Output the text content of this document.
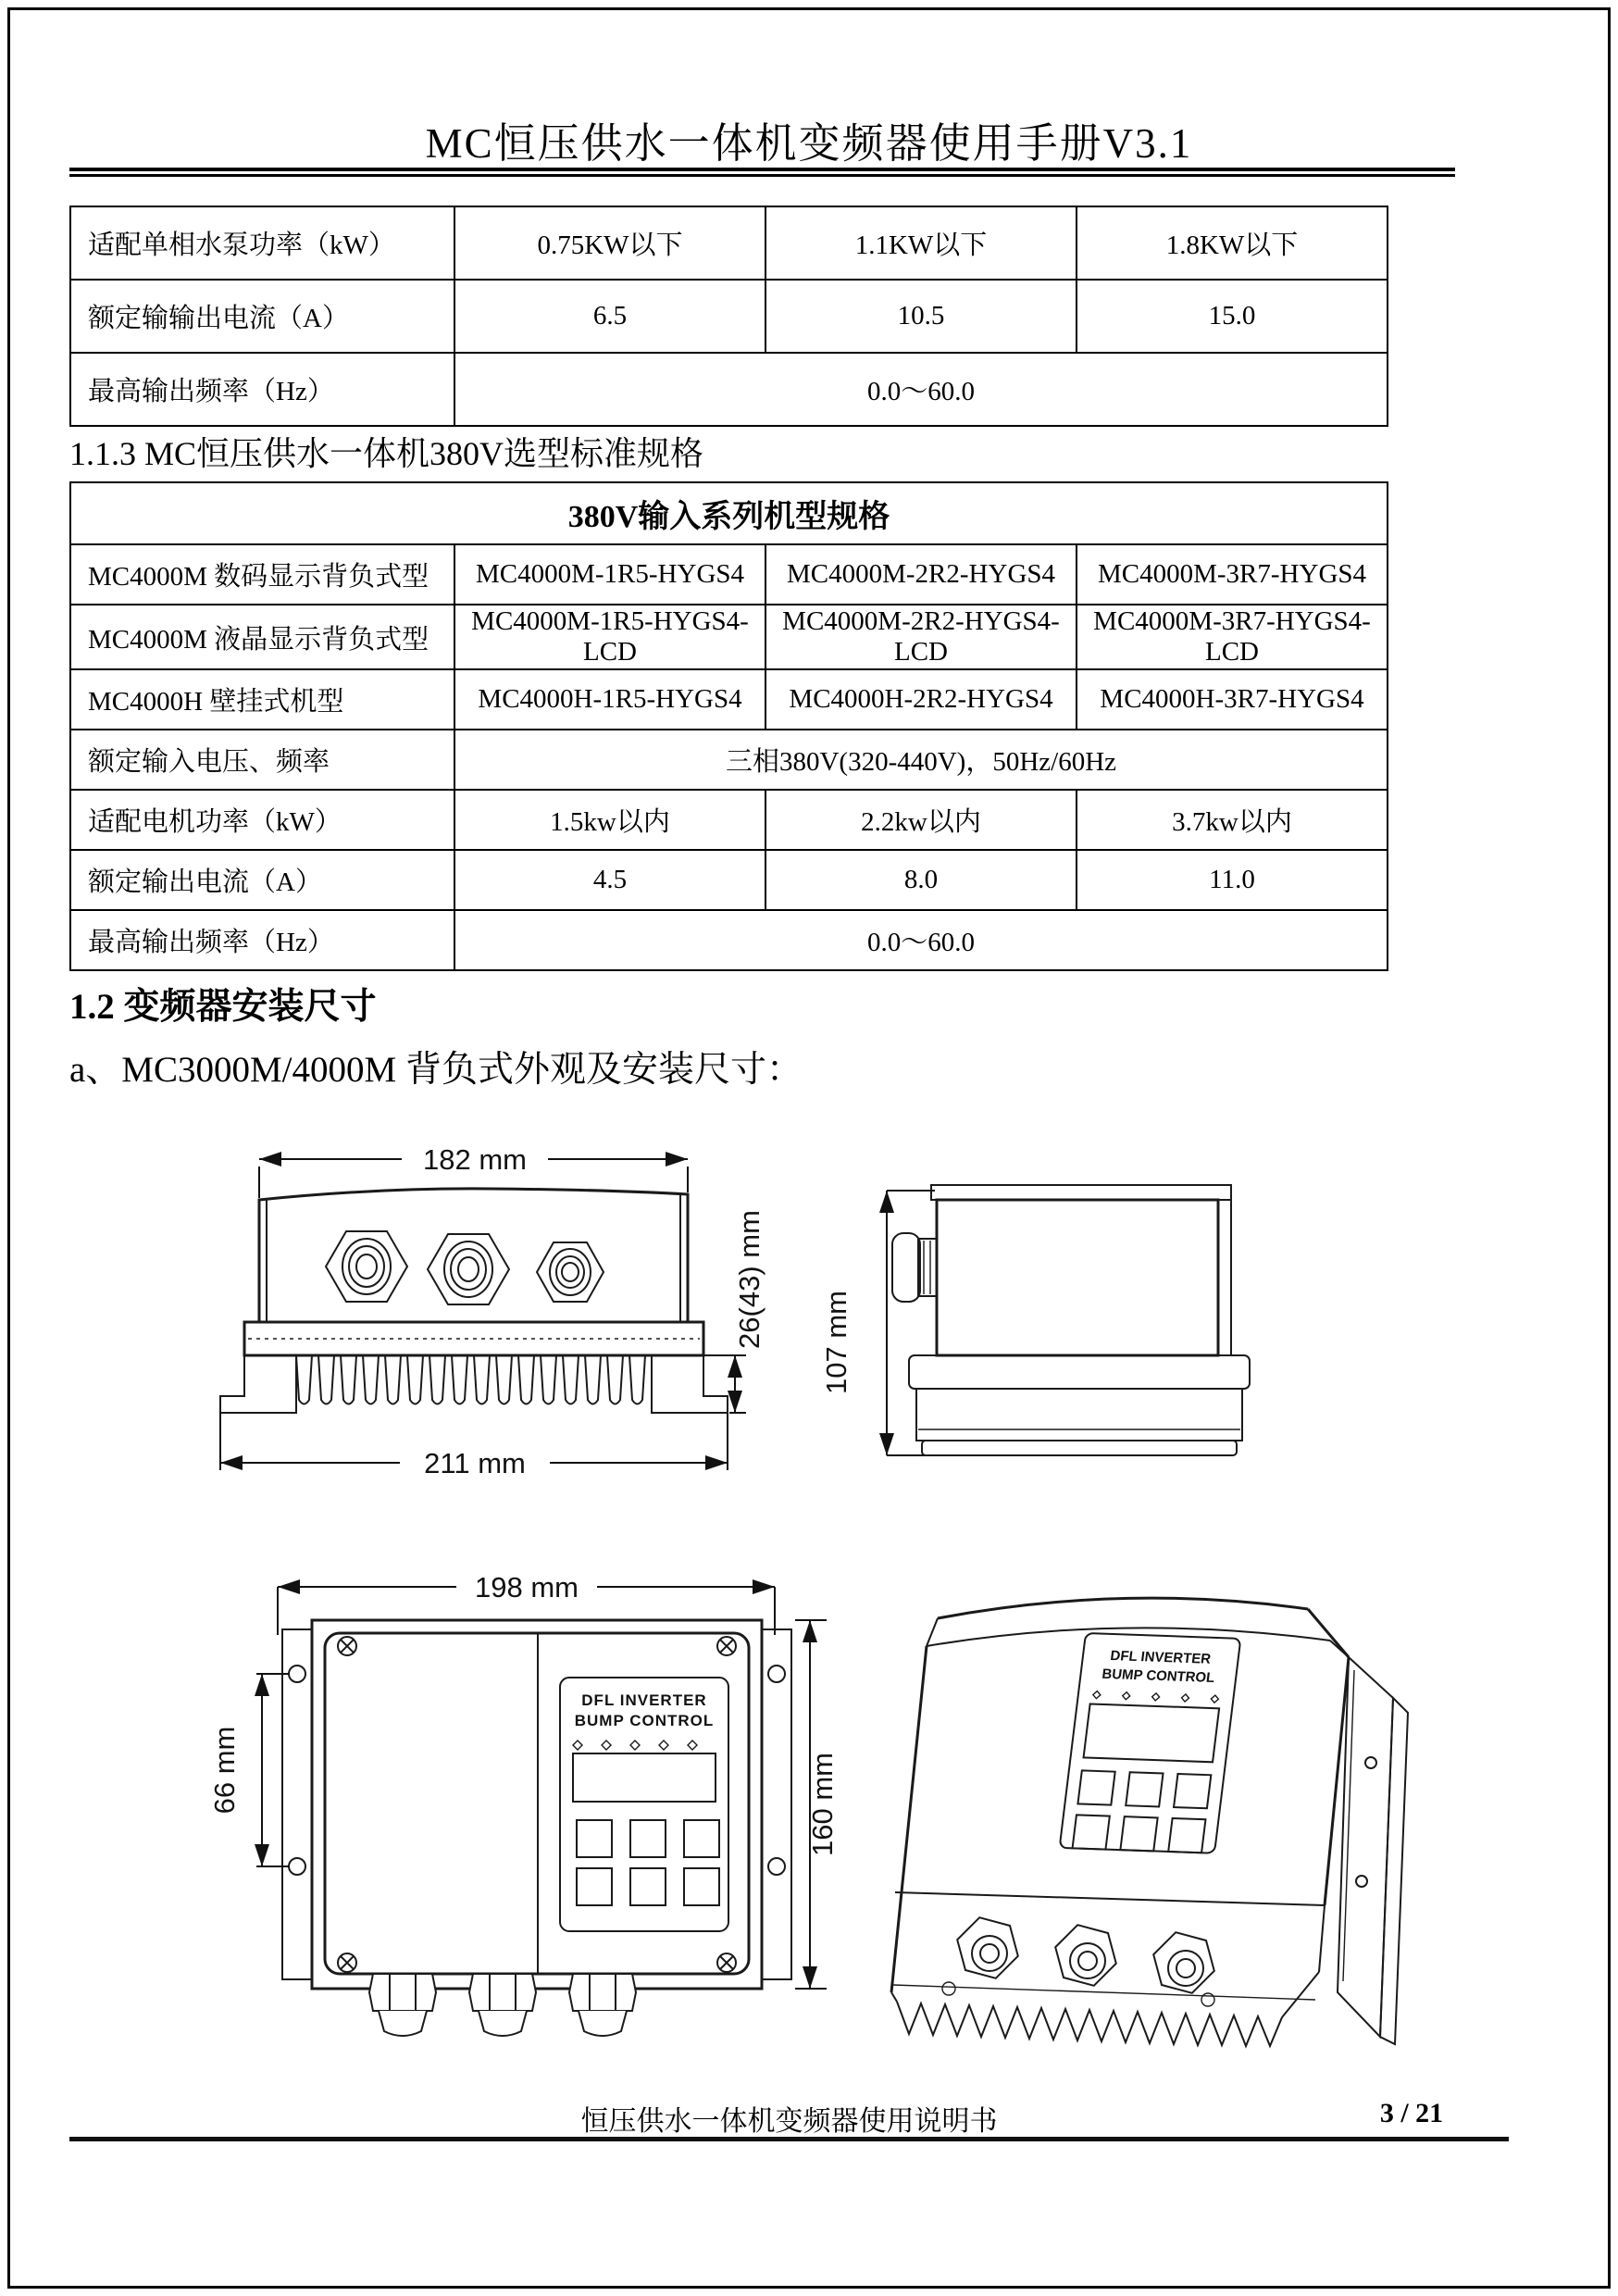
MC恒压供水一体机变频器使用手册V3.1
适配单相水泵功率（kW）	0.75KW以下	1.1KW以下	1.8KW以下
额定输输出电流（A）	6.5	10.5	15.0
最高输出频率（Hz）	0.0～60.0		
1.1.3 MC恒压供水一体机380V选型标准规格
380V输入系列机型规格			
MC4000M 数码显示背负式型	MC4000M-1R5-HYGS4	MC4000M-2R2-HYGS4	MC4000M-3R7-HYGS4
MC4000M 液晶显示背负式型	MC4000M-1R5-HYGS4-LCD	MC4000M-2R2-HYGS4-LCD	MC4000M-3R7-HYGS4-LCD
MC4000H 壁挂式机型	MC4000H-1R5-HYGS4	MC4000H-2R2-HYGS4	MC4000H-3R7-HYGS4
额定输入电压、频率	三相380V(320-440V)，50Hz/60Hz		
适配电机功率（kW）	1.5kw以内	2.2kw以内	3.7kw以内
额定输出电流（A）	4.5	8.0	11.0
最高输出频率（Hz）	0.0～60.0		
1.2 变频器安装尺寸
a、MC3000M/4000M 背负式外观及安装尺寸：
182 mm
211 mm
26(43) mm 107 mm
198 mm
DFL INVERTER
BUMP CONTROL
66 mm	160 mm
DFL INVERTER
BUMP CONTROL
恒压供水一体机变频器使用说明书	3 / 21
